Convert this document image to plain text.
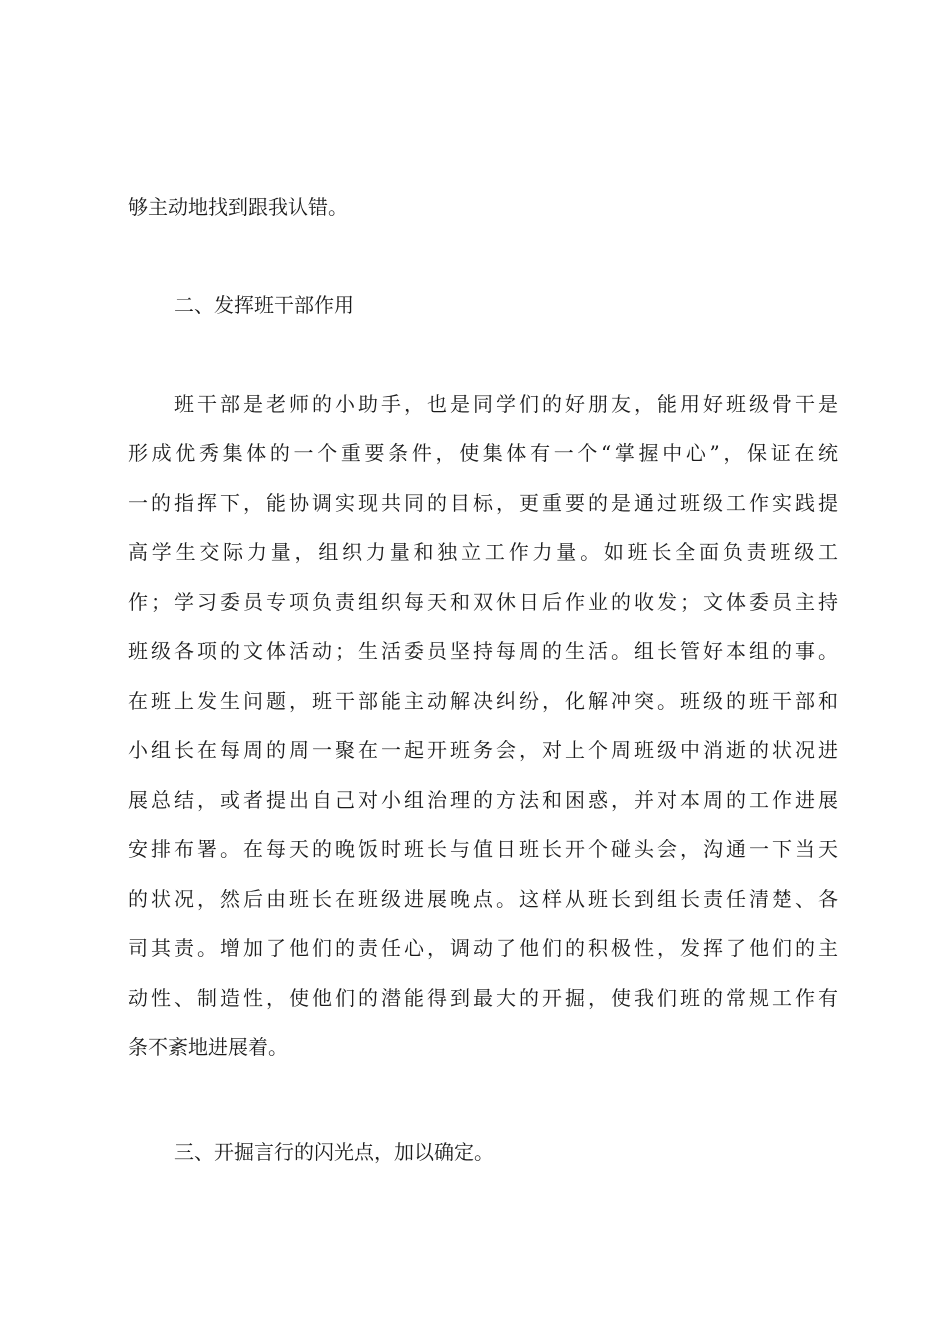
够主动地找到跟我认错。
二、发挥班干部作用
班干部是老师的小助手，也是同学们的好朋友，能用好班级骨干是
形成优秀集体的一个重要条件，使集体有一个“掌握中心”，保证在统
一的指挥下，能协调实现共同的目标，更重要的是通过班级工作实践提
高学生交际力量，组织力量和独立工作力量。如班长全面负责班级工
作；学习委员专项负责组织每天和双休日后作业的收发；文体委员主持
班级各项的文体活动；生活委员坚持每周的生活。组长管好本组的事。
在班上发生问题，班干部能主动解决纠纷，化解冲突。班级的班干部和
小组长在每周的周一聚在一起开班务会，对上个周班级中消逝的状况进
展总结，或者提出自己对小组治理的方法和困惑，并对本周的工作进展
安排布署。在每天的晚饭时班长与值日班长开个碰头会，沟通一下当天
的状况，然后由班长在班级进展晚点。这样从班长到组长责任清楚、各
司其责。增加了他们的责任心，调动了他们的积极性，发挥了他们的主
动性、制造性，使他们的潜能得到最大的开掘，使我们班的常规工作有
条不紊地进展着。
三、开掘言行的闪光点，加以确定。
